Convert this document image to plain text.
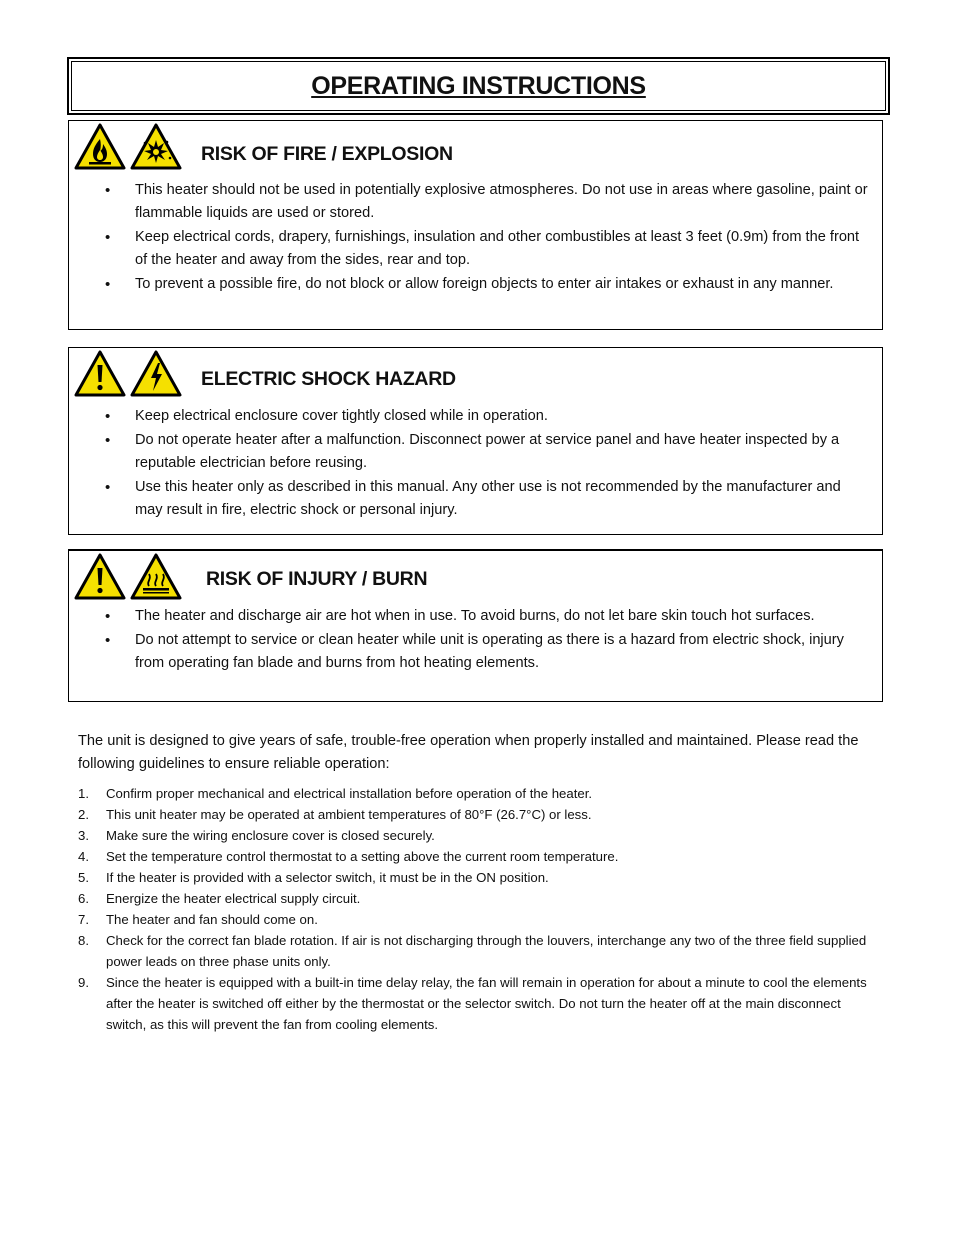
OPERATING INSTRUCTIONS
RISK OF FIRE / EXPLOSION
• This heater should not be used in potentially explosive atmospheres. Do not use in areas where gasoline, paint or flammable liquids are used or stored.
• Keep electrical cords, drapery, furnishings, insulation and other combustibles at least 3 feet (0.9m) from the front of the heater and away from the sides, rear and top.
• To prevent a possible fire, do not block or allow foreign objects to enter air intakes or exhaust in any manner.
ELECTRIC SHOCK HAZARD
• Keep electrical enclosure cover tightly closed while in operation.
• Do not operate heater after a malfunction. Disconnect power at service panel and have heater inspected by a reputable electrician before reusing.
• Use this heater only as described in this manual. Any other use is not recommended by the manufacturer and may result in fire, electric shock or personal injury.
RISK OF INJURY / BURN
• The heater and discharge air are hot when in use. To avoid burns, do not let bare skin touch hot surfaces.
• Do not attempt to service or clean heater while unit is operating as there is a hazard from electric shock, injury from operating fan blade and burns from hot heating elements.

The unit is designed to give years of safe, trouble-free operation when properly installed and maintained. Please read the following guidelines to ensure reliable operation:

1. Confirm proper mechanical and electrical installation before operation of the heater.
2. This unit heater may be operated at ambient temperatures of 80°F (26.7°C) or less.
3. Make sure the wiring enclosure cover is closed securely.
4. Set the temperature control thermostat to a setting above the current room temperature.
5. If the heater is provided with a selector switch, it must be in the ON position.
6. Energize the heater electrical supply circuit.
7. The heater and fan should come on.
8. Check for the correct fan blade rotation. If air is not discharging through the louvers, interchange any two of the three field supplied power leads on three phase units only.
9. Since the heater is equipped with a built-in time delay relay, the fan will remain in operation for about a minute to cool the elements after the heater is switched off either by the thermostat or the selector switch. Do not turn the heater off at the main disconnect switch, as this will prevent the fan from cooling elements.
